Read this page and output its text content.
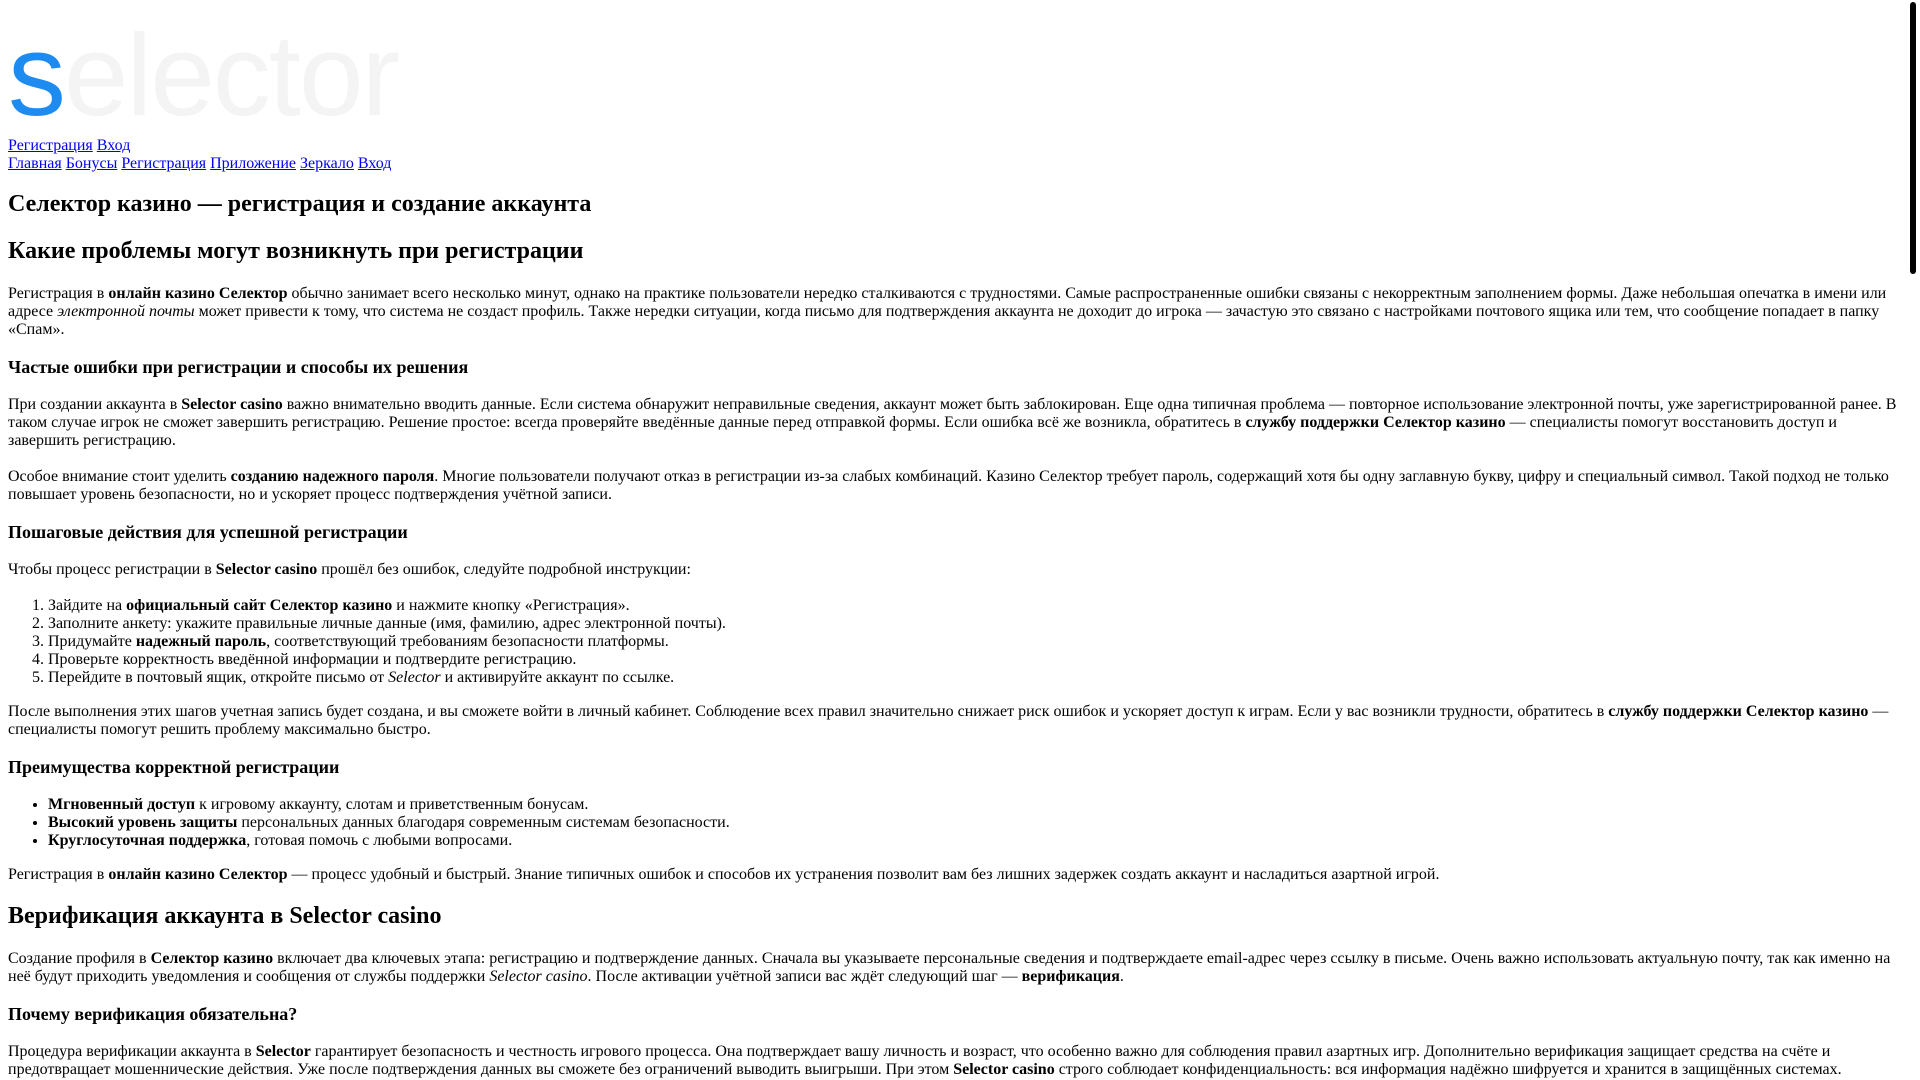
selector
Регистрация Вход
Главная Бонусы Регистрация Приложение Зеркало Вход
Селектор казино — регистрация и создание аккаунта
Какие проблемы могут возникнуть при регистрации

Регистрация в онлайн казино Селектор обычно занимает всего несколько минут, однако на практике пользователи нередко сталкиваются с трудностями. Самые распространенные ошибки связаны с некорректным заполнением формы. Даже небольшая опечатка в имени или адресе электронной почты может привести к тому, что система не создаст профиль. Также нередки ситуации, когда письмо для подтверждения аккаунта не доходит до игрока — зачастую это связано с настройками почтового ящика или тем, что сообщение попадает в папку «Спам».

Частые ошибки при регистрации и способы их решения

При создании аккаунта в Selector casino важно внимательно вводить данные. Если система обнаружит неправильные сведения, аккаунт может быть заблокирован. Еще одна типичная проблема — повторное использование электронной почты, уже зарегистрированной ранее. В таком случае игрок не сможет завершить регистрацию. Решение простое: всегда проверяйте введённые данные перед отправкой формы. Если ошибка всё же возникла, обратитесь в службу поддержки Селектор казино — специалисты помогут восстановить доступ и завершить регистрацию.

Особое внимание стоит уделить созданию надежного пароля. Многие пользователи получают отказ в регистрации из-за слабых комбинаций. Казино Селектор требует пароль, содержащий хотя бы одну заглавную букву, цифру и специальный символ. Такой подход не только повышает уровень безопасности, но и ускоряет процесс подтверждения учётной записи.

Пошаговые действия для успешной регистрации

Чтобы процесс регистрации в Selector casino прошёл без ошибок, следуйте подробной инструкции:

1. Зайдите на официальный сайт Селектор казино и нажмите кнопку «Регистрация».
2. Заполните анкету: укажите правильные личные данные (имя, фамилию, адрес электронной почты).
3. Придумайте надежный пароль, соответствующий требованиям безопасности платформы.
4. Проверьте корректность введённой информации и подтвердите регистрацию.
5. Перейдите в почтовый ящик, откройте письмо от Selector и активируйте аккаунт по ссылке.

После выполнения этих шагов учетная запись будет создана, и вы сможете войти в личный кабинет. Соблюдение всех правил значительно снижает риск ошибок и ускоряет доступ к играм. Если у вас возникли трудности, обратитесь в службу поддержки Селектор казино — специалисты помогут решить проблему максимально быстро.

Преимущества корректной регистрации
• Мгновенный доступ к игровому аккаунту, слотам и приветственным бонусам.
• Высокий уровень защиты персональных данных благодаря современным системам безопасности.
• Круглосуточная поддержка, готовая помочь с любыми вопросами.

Регистрация в онлайн казино Селектор — процесс удобный и быстрый. Знание типичных ошибок и способов их устранения позволит вам без лишних задержек создать аккаунт и насладиться азартной игрой.

Верификация аккаунта в Selector casino

Создание профиля в Селектор казино включает два ключевых этапа: регистрацию и подтверждение данных. Сначала вы указываете персональные сведения и подтверждаете email-адрес через ссылку в письме. Очень важно использовать актуальную почту, так как именно на неё будут приходить уведомления и сообщения от службы поддержки Selector casino. После активации учётной записи вас ждёт следующий шаг — верификация.

Почему верификация обязательна?

Процедура верификации аккаунта в Selector гарантирует безопасность и честность игрового процесса. Она подтверждает вашу личность и возраст, что особенно важно для соблюдения правил азартных игр. Дополнительно верификация защищает средства на счёте и предотвращает мошеннические действия. Уже после подтверждения данных вы сможете без ограничений выводить выигрыши. При этом Selector casino строго соблюдает конфиденциальность: вся информация надёжно шифруется и хранится в защищённых системах.
